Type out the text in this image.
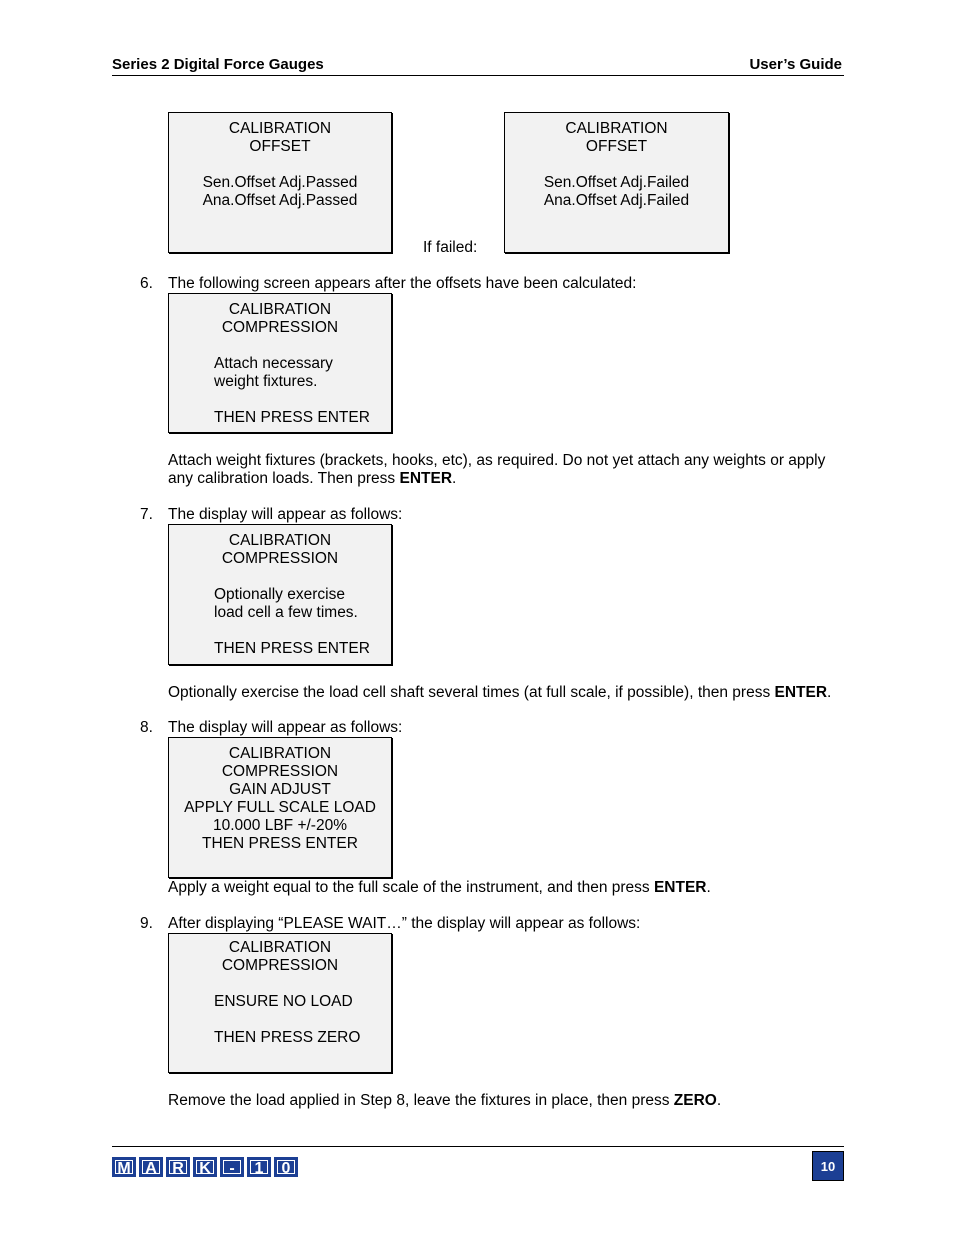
Series 2 Digital Force Gauges	User’s Guide
CALIBRATION
OFFSET
Sen.Offset Adj.Passed
Ana.Offset Adj.Passed
If failed:
CALIBRATION
OFFSET
Sen.Offset Adj.Failed
Ana.Offset Adj.Failed
6. The following screen appears after the offsets have been calculated:
CALIBRATION
COMPRESSION
Attach necessary
weight fixtures.
THEN PRESS ENTER
Attach weight fixtures (brackets, hooks, etc), as required. Do not yet attach any weights or apply any calibration loads. Then press ENTER.
7. The display will appear as follows:
CALIBRATION
COMPRESSION
Optionally exercise
load cell a few times.
THEN PRESS ENTER
Optionally exercise the load cell shaft several times (at full scale, if possible), then press ENTER.
8. The display will appear as follows:
CALIBRATION
COMPRESSION
GAIN ADJUST
APPLY FULL SCALE LOAD
10.000 LBF +/-20%
THEN PRESS ENTER
Apply a weight equal to the full scale of the instrument, and then press ENTER.
9. After displaying “PLEASE WAIT…” the display will appear as follows:
CALIBRATION
COMPRESSION
ENSURE NO LOAD
THEN PRESS ZERO
Remove the load applied in Step 8, leave the fixtures in place, then press ZERO.
M A R K	-	1	0	10
